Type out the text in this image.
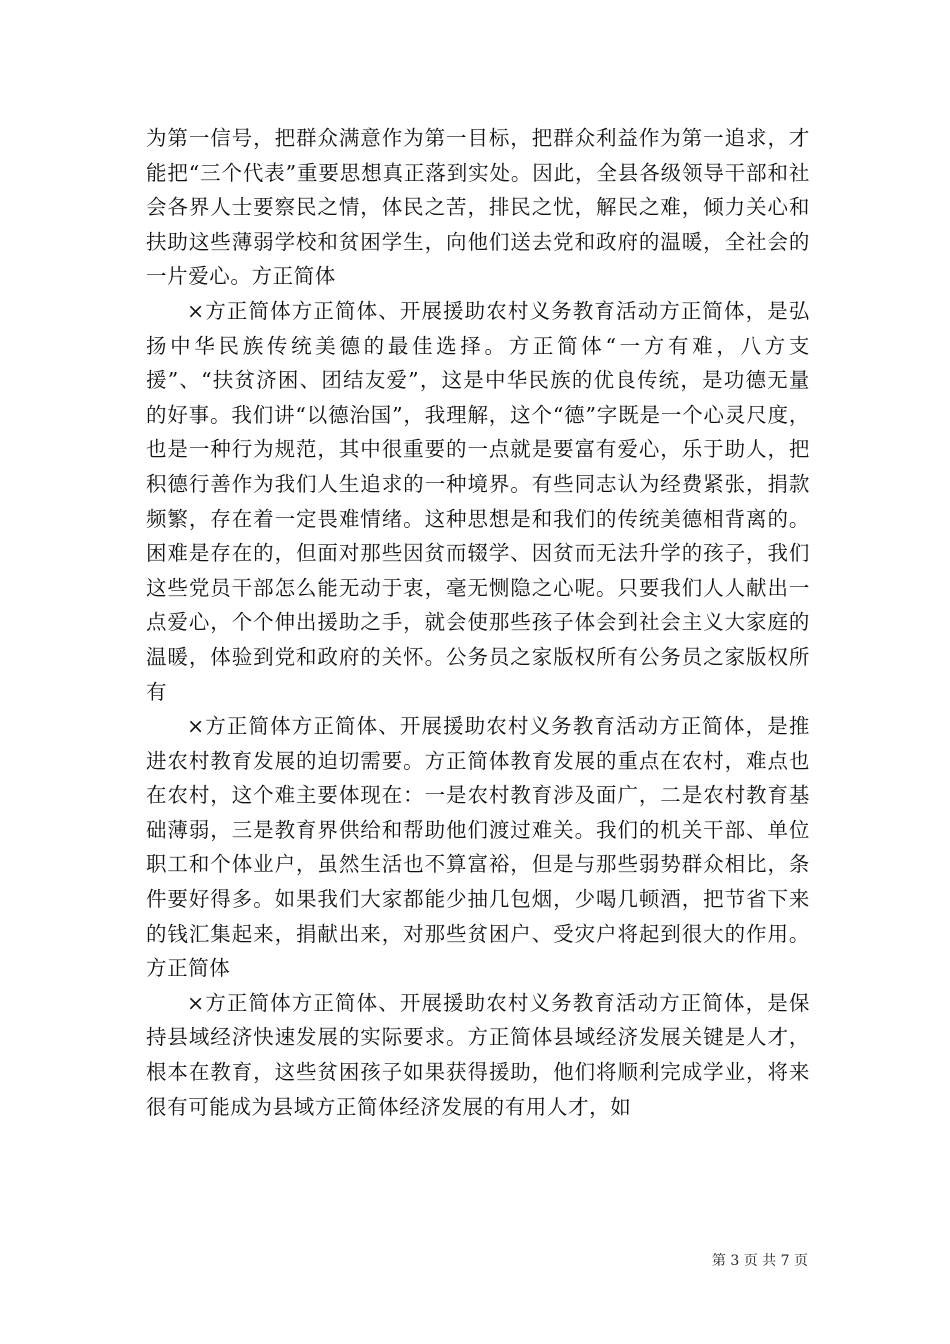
为第一信号，把群众满意作为第一目标，把群众利益作为第一追求，才能把“三个代表”重要思想真正落到实处。因此，全县各级领导干部和社会各界人士要察民之情，体民之苦，排民之忧，解民之难，倾力关心和扶助这些薄弱学校和贫困学生，向他们送去党和政府的温暖，全社会的一片爱心。方正简体

×方正简体方正简体、开展援助农村义务教育活动方正简体，是弘扬中华民族传统美德的最佳选择。方正简体“一方有难，八方支援”、“扶贫济困、团结友爱”，这是中华民族的优良传统，是功德无量的好事。我们讲“以德治国”，我理解，这个“德”字既是一个心灵尺度，也是一种行为规范，其中很重要的一点就是要富有爱心，乐于助人，把积德行善作为我们人生追求的一种境界。有些同志认为经费紧张，捐款频繁，存在着一定畏难情绪。这种思想是和我们的传统美德相背离的。困难是存在的，但面对那些因贫而辍学、因贫而无法升学的孩子，我们这些党员干部怎么能无动于衷，毫无恻隐之心呢。只要我们人人献出一点爱心，个个伸出援助之手，就会使那些孩子体会到社会主义大家庭的温暖，体验到党和政府的关怀。公务员之家版权所有公务员之家版权所有

×方正简体方正简体、开展援助农村义务教育活动方正简体，是推进农村教育发展的迫切需要。方正简体教育发展的重点在农村，难点也在农村，这个难主要体现在：一是农村教育涉及面广，二是农村教育基础薄弱，三是教育界供给和帮助他们渡过难关。我们的机关干部、单位职工和个体业户，虽然生活也不算富裕，但是与那些弱势群众相比，条件要好得多。如果我们大家都能少抽几包烟，少喝几顿酒，把节省下来的钱汇集起来，捐献出来，对那些贫困户、受灾户将起到很大的作用。方正简体

×方正简体方正简体、开展援助农村义务教育活动方正简体，是保持县域经济快速发展的实际要求。方正简体县域经济发展关键是人才，根本在教育，这些贫困孩子如果获得援助，他们将顺利完成学业，将来很有可能成为县域方正简体经济发展的有用人才，如

第 3 页 共 7 页
